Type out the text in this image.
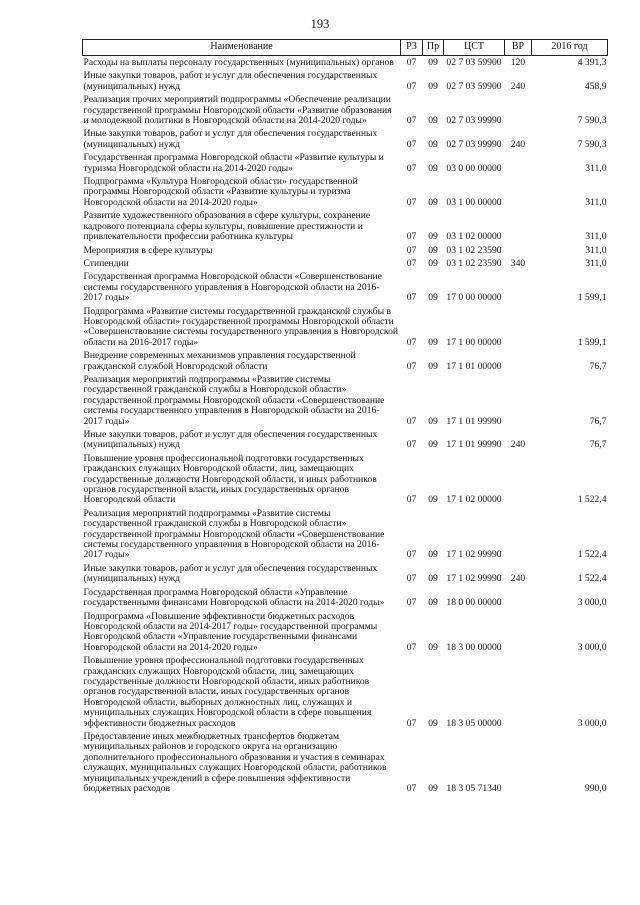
193
Наименование	РЗ	Пр	ЦСТ	ВР	2016 год
Расходы на выплаты персоналу государственных (муниципальных) органов	07	09	02 7 03 59900	120	4 391,3
Иные закупки товаров, работ и услуг для обеспечения государственных (муниципальных) нужд	07	09	02 7 03 59900	240	458,9
Реализация прочих мероприятий подпрограммы «Обеспечение реализации государственной программы Новгородской области «Развитие образования и молодежной политики в Новгородской области на 2014-2020 годы»	07	09	02 7 03 99990		7 590,3
Иные закупки товаров, работ и услуг для обеспечения государственных (муниципальных) нужд	07	09	02 7 03 99990	240	7 590,3
Государственная программа Новгородской области «Развитие культуры и туризма Новгородской области на 2014-2020 годы»	07	09	03 0 00 00000		311,0
Подпрограмма «Культура Новгородской области» государственной программы Новгородской области «Развитие культуры и туризма Новгородской области на 2014-2020 годы»	07	09	03 1 00 00000		311,0
Развитие художественного образования в сфере культуры, сохранение кадрового потенциала сферы культуры, повышение престижности и привлекательности профессии работника культуры	07	09	03 1 02 00000		311,0
Мероприятия в сфере культуры	07	09	03 1 02 23590		311,0
Стипендии	07	09	03 1 02 23590	340	311,0
Государственная программа Новгородской области «Совершенствование системы государственного управления в Новгородской области на 2016-2017 годы»	07	09	17 0 00 00000		1 599,1
Подпрограмма «Развитие системы государственной гражданской службы в Новгородской области» государственной программы Новгородской области «Совершенствование системы государственного управления в Новгородской области на 2016-2017 годы»	07	09	17 1 00 00000		1 599,1
Внедрение современных механизмов управления государственной гражданской службой Новгородской области	07	09	17 1 01 00000		76,7
Реализация мероприятий подпрограммы «Развитие системы государственной гражданской службы в Новгородской области» государственной программы Новгородской области «Совершенствование системы государственного управления в Новгородской области на 2016-2017 годы»	07	09	17 1 01 99990		76,7
Иные закупки товаров, работ и услуг для обеспечения государственных (муниципальных) нужд	07	09	17 1 01 99990	240	76,7
Повышение уровня профессиональной подготовки государственных гражданских служащих Новгородской области, лиц, замещающих государственные должности Новгородской области, и иных работников органов государственной власти, иных государственных органов Новгородской области	07	09	17 1 02 00000		1 522,4
Реализация мероприятий подпрограммы «Развитие системы государственной гражданской службы в Новгородской области» государственной программы Новгородской области «Совершенствование системы государственного управления в Новгородской области на 2016-2017 годы»	07	09	17 1 02 99990		1 522,4
Иные закупки товаров, работ и услуг для обеспечения государственных (муниципальных) нужд	07	09	17 1 02 99990	240	1 522,4
Государственная программа Новгородской области «Управление государственными финансами Новгородской области на 2014-2020 годы»	07	09	18 0 00 00000		3 000,0
Подпрограмма «Повышение эффективности бюджетных расходов Новгородской области на 2014-2017 годы» государственной программы Новгородской области «Управление государственными финансами Новгородской области на 2014-2020 годы»	07	09	18 3 00 00000		3 000,0
Повышение уровня профессиональной подготовки государственных гражданских служащих Новгородской области, лиц, замещающих государственные должности Новгородской области, иных работников органов государственной власти, иных государственных органов Новгородской области, выборных должностных лиц, служащих и муниципальных служащих Новгородской области в сфере повышения эффективности бюджетных расходов	07	09	18 3 05 00000		3 000,0
Предоставление иных межбюджетных трансфертов бюджетам муниципальных районов и городского округа на организацию дополнительного профессионального образования и участия в семинарах служащих, муниципальных служащих Новгородской области, работников муниципальных учреждений в сфере повышения эффективности бюджетных расходов	07	09	18 3 05 71340		990,0
